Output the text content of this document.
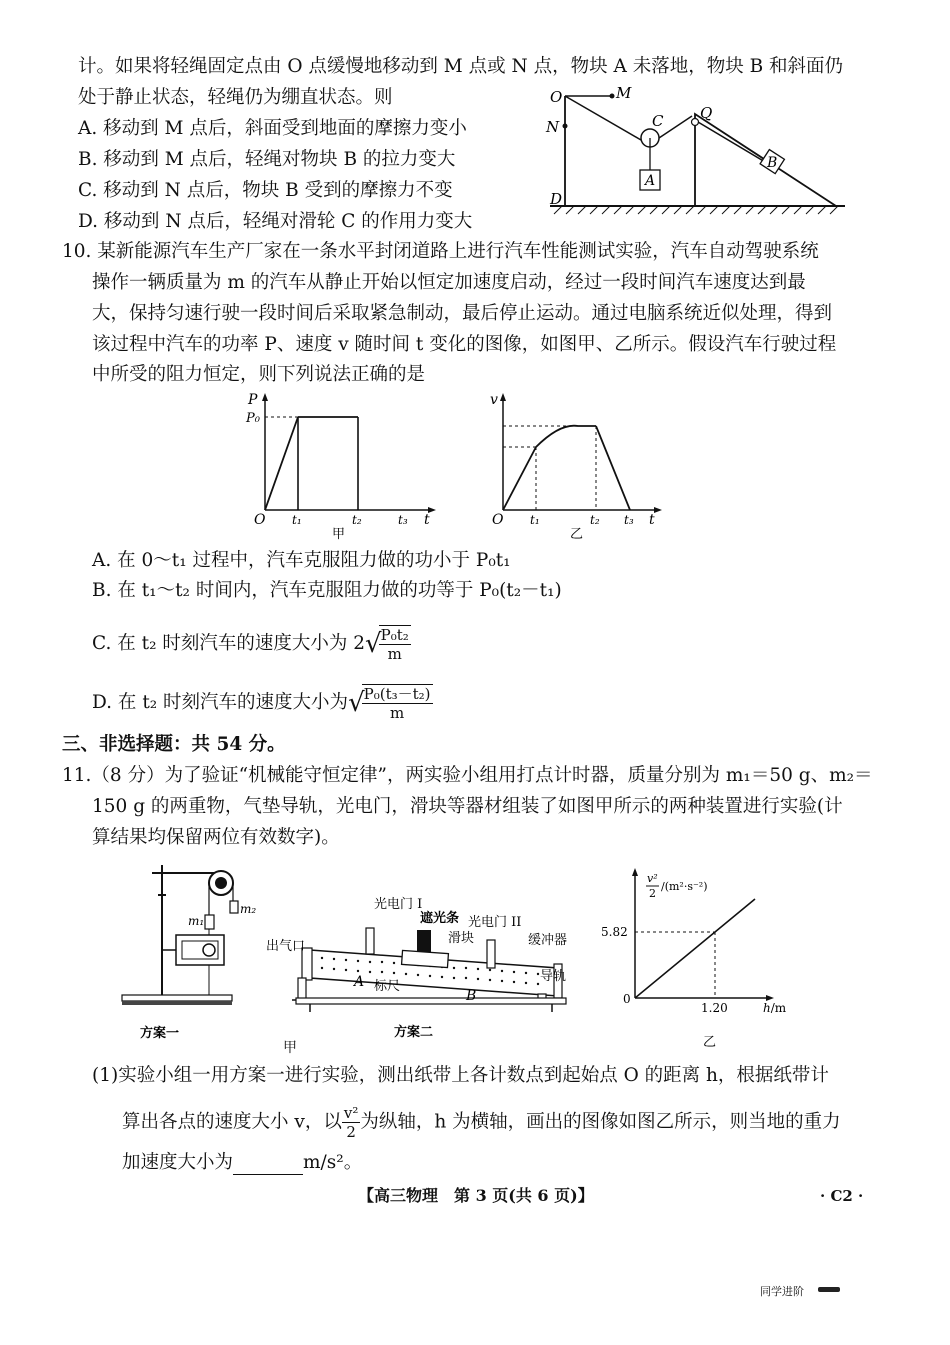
计。如果将轻绳固定点由 O 点缓慢地移动到 M 点或 N 点，物块 A 未落地，物块 B 和斜面仍
处于静止状态，轻绳仍为绷直状态。则
A. 移动到 M 点后，斜面受到地面的摩擦力变小
B. 移动到 M 点后，轻绳对物块 B 的拉力变大
C. 移动到 N 点后，物块 B 受到的摩擦力不变
D. 移动到 N 点后，轻绳对滑轮 C 的作用力变大
O	M
N	C Q
A
B
D
10. 某新能源汽车生产厂家在一条水平封闭道路上进行汽车性能测试实验，汽车自动驾驶系统
操作一辆质量为 m 的汽车从静止开始以恒定加速度启动，经过一段时间汽车速度达到最
大，保持匀速行驶一段时间后采取紧急制动，最后停止运动。通过电脑系统近似处理，得到
该过程中汽车的功率 P、速度 v 随时间 t 变化的图像，如图甲、乙所示。假设汽车行驶过程
中所受的阻力恒定，则下列说法正确的是
P
P₀
O t₁	t₂	t₃ t
甲
v
O t₁	t₂ t₃ t
乙
A. 在 0～t₁ 过程中，汽车克服阻力做的功小于 P₀t₁
B. 在 t₁～t₂ 时间内，汽车克服阻力做的功等于 P₀(t₂－t₁)
C. 在 t₂ 时刻汽车的速度大小为 2√
$\frac{\text{P₀t₂}}{m}$
D. 在 t₂ 时刻汽车的速度大小为√
$\frac{\text{P₀(t₃－t₂)}}{m}$
三、非选择题：共 54 分。
11.（8 分）为了验证“机械能守恒定律”，两实验小组用打点计时器，质量分别为 m₁＝50 g、m₂＝
150 g 的两重物，气垫导轨，光电门，滑块等器材组装了如图甲所示的两种装置进行实验(计
算结果均保留两位有效数字)。
m₁
m₂
方案一
光电门 I
遮光条 光电门 II
滑块
出气口	缓冲器
导轨
A 标尺
B
方案二
甲
v²
2
/(m²·s⁻²)
0
5.82
1.20	h/m
乙
(1)实验小组一用方案一进行实验，测出纸带上各计数点到起始点 O 的距离 h，根据纸带计
算出各点的速度大小 v，以 $\frac{\text{v²}}{2}$ 为纵轴，h 为横轴，画出的图像如图乙所示，则当地的重力
加速度大小为	m/s²。
【高三物理　第 3 页(共 6 页)】	· C2 ·
同学进阶
